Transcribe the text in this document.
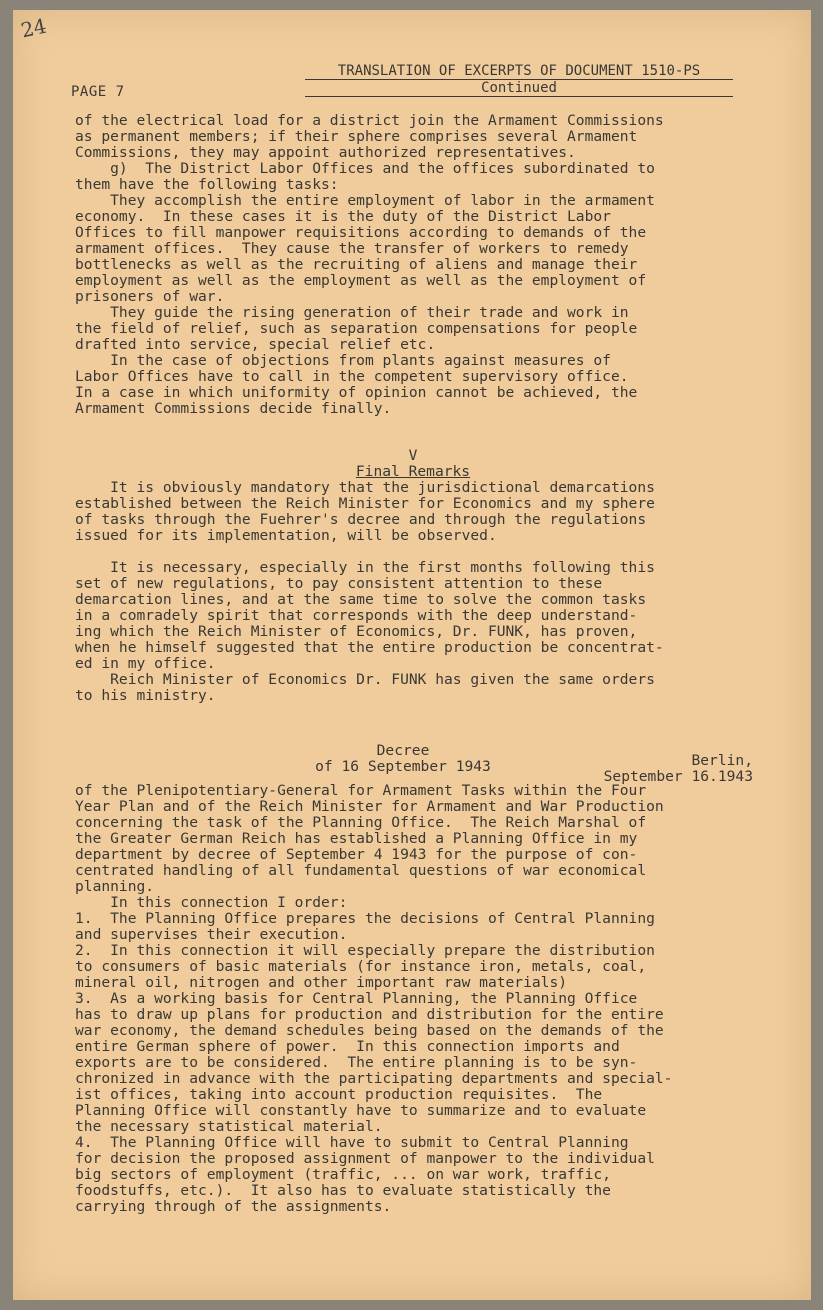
24
PAGE 7
TRANSLATION OF EXCERPTS OF DOCUMENT 1510-PS
Continued
of the electrical load for a district join the Armament Commissions
as permanent members; if their sphere comprises several Armament
Commissions, they may appoint authorized representatives.
g)  The District Labor Offices and the offices subordinated to
them have the following tasks:
They accomplish the entire employment of labor in the armament
economy.  In these cases it is the duty of the District Labor
Offices to fill manpower requisitions according to demands of the
armament offices.  They cause the transfer of workers to remedy
bottlenecks as well as the recruiting of aliens and manage their
employment as well as the employment as well as the employment of
prisoners of war.
They guide the rising generation of their trade and work in
the field of relief, such as separation compensations for people
drafted into service, special relief etc.
In the case of objections from plants against measures of
Labor Offices have to call in the competent supervisory office.
In a case in which uniformity of opinion cannot be achieved, the
Armament Commissions decide finally.
V
Final Remarks
It is obviously mandatory that the jurisdictional demarcations
established between the Reich Minister for Economics and my sphere
of tasks through the Fuehrer's decree and through the regulations
issued for its implementation, will be observed.
It is necessary, especially in the first months following this
set of new regulations, to pay consistent attention to these
demarcation lines, and at the same time to solve the common tasks
in a comradely spirit that corresponds with the deep understand-
ing which the Reich Minister of Economics, Dr. FUNK, has proven,
when he himself suggested that the entire production be concentrat-
ed in my office.
Reich Minister of Economics Dr. FUNK has given the same orders
to his ministry.
Decree
of 16 September 1943	Berlin,
September 16.1943
of the Plenipotentiary-General for Armament Tasks within the Four
Year Plan and of the Reich Minister for Armament and War Production
concerning the task of the Planning Office.  The Reich Marshal of
the Greater German Reich has established a Planning Office in my
department by decree of September 4 1943 for the purpose of con-
centrated handling of all fundamental questions of war economical
planning.
In this connection I order:
1.  The Planning Office prepares the decisions of Central Planning
and supervises their execution.
2.  In this connection it will especially prepare the distribution
to consumers of basic materials (for instance iron, metals, coal,
mineral oil, nitrogen and other important raw materials)
3.  As a working basis for Central Planning, the Planning Office
has to draw up plans for production and distribution for the entire
war economy, the demand schedules being based on the demands of the
entire German sphere of power.  In this connection imports and
exports are to be considered.  The entire planning is to be syn-
chronized in advance with the participating departments and special-
ist offices, taking into account production requisites.  The
Planning Office will constantly have to summarize and to evaluate
the necessary statistical material.
4.  The Planning Office will have to submit to Central Planning
for decision the proposed assignment of manpower to the individual
big sectors of employment (traffic, ... on war work, traffic,
foodstuffs, etc.).  It also has to evaluate statistically the
carrying through of the assignments.
